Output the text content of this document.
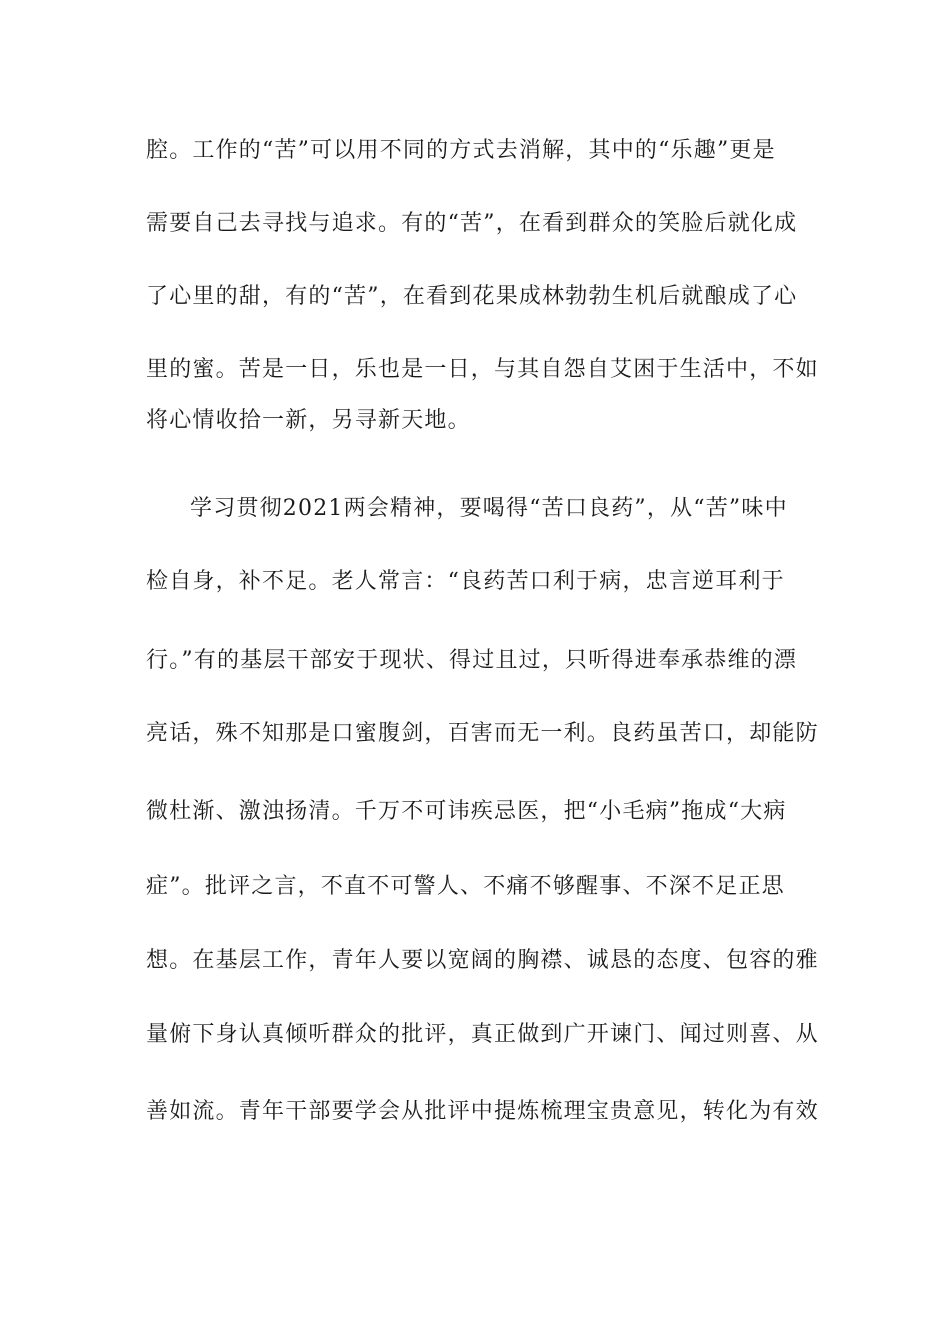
腔。工作的“苦”可以用不同的方式去消解，其中的“乐趣”更是
需要自己去寻找与追求。有的“苦”，在看到群众的笑脸后就化成
了心里的甜，有的“苦”，在看到花果成林勃勃生机后就酿成了心
里的蜜。苦是一日，乐也是一日，与其自怨自艾困于生活中，不如
将心情收拾一新，另寻新天地。
学习贯彻2021两会精神，要喝得“苦口良药”，从“苦”味中
检自身，补不足。老人常言：“良药苦口利于病，忠言逆耳利于
行。”有的基层干部安于现状、得过且过，只听得进奉承恭维的漂
亮话，殊不知那是口蜜腹剑，百害而无一利。良药虽苦口，却能防
微杜渐、激浊扬清。千万不可讳疾忌医，把“小毛病”拖成“大病
症”。批评之言，不直不可警人、不痛不够醒事、不深不足正思
想。在基层工作，青年人要以宽阔的胸襟、诚恳的态度、包容的雅
量俯下身认真倾听群众的批评，真正做到广开谏门、闻过则喜、从
善如流。青年干部要学会从批评中提炼梳理宝贵意见，转化为有效
